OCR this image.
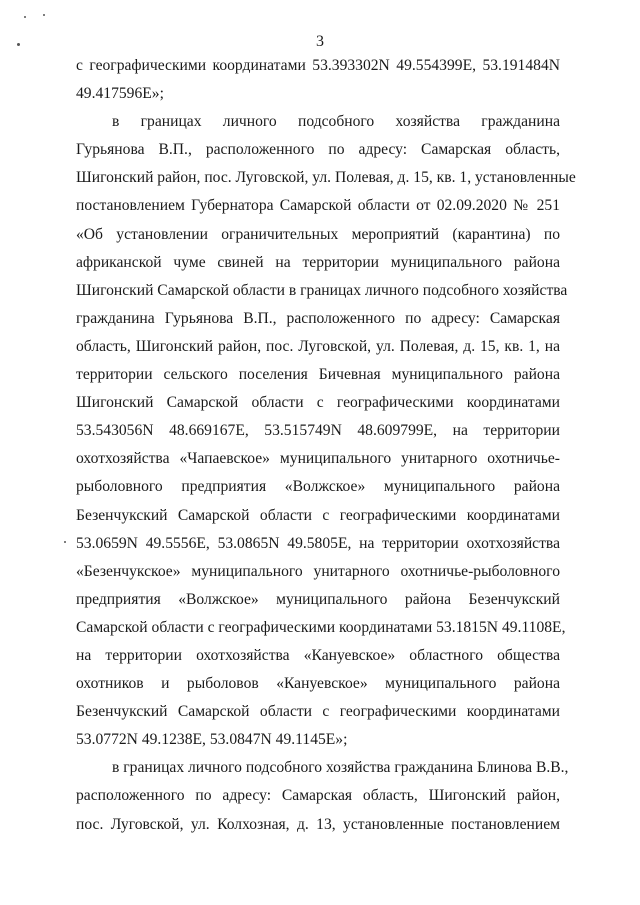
3
с географическими координатами 53.393302N 49.554399E, 53.191484N
49.417596E»;
в границах личного подсобного хозяйства гражданина
Гурьянова В.П., расположенного по адресу: Самарская область,
Шигонский район, пос. Луговской, ул. Полевая, д. 15, кв. 1, установленные
постановлением Губернатора Самарской области от 02.09.2020 № 251
«Об установлении ограничительных мероприятий (карантина) по
африканской чуме свиней на территории муниципального района
Шигонский Самарской области в границах личного подсобного хозяйства
гражданина Гурьянова В.П., расположенного по адресу: Самарская
область, Шигонский район, пос. Луговской, ул. Полевая, д. 15, кв. 1, на
территории сельского поселения Бичевная муниципального района
Шигонский Самарской области с географическими координатами
53.543056N 48.669167E, 53.515749N 48.609799E, на территории
охотхозяйства «Чапаевское» муниципального унитарного охотничье-
рыболовного предприятия «Волжское» муниципального района
Безенчукский Самарской области с географическими координатами
53.0659N 49.5556E, 53.0865N 49.5805E, на территории охотхозяйства
«Безенчукское» муниципального унитарного охотничье-рыболовного
предприятия «Волжское» муниципального района Безенчукский
Самарской области с географическими координатами 53.1815N 49.1108E,
на территории охотхозяйства «Кануевское» областного общества
охотников и рыболовов «Кануевское» муниципального района
Безенчукский Самарской области с географическими координатами
53.0772N 49.1238E, 53.0847N 49.1145E»;
в границах личного подсобного хозяйства гражданина Блинова В.В.,
расположенного по адресу: Самарская область, Шигонский район,
пос. Луговской, ул. Колхозная, д. 13, установленные постановлением
